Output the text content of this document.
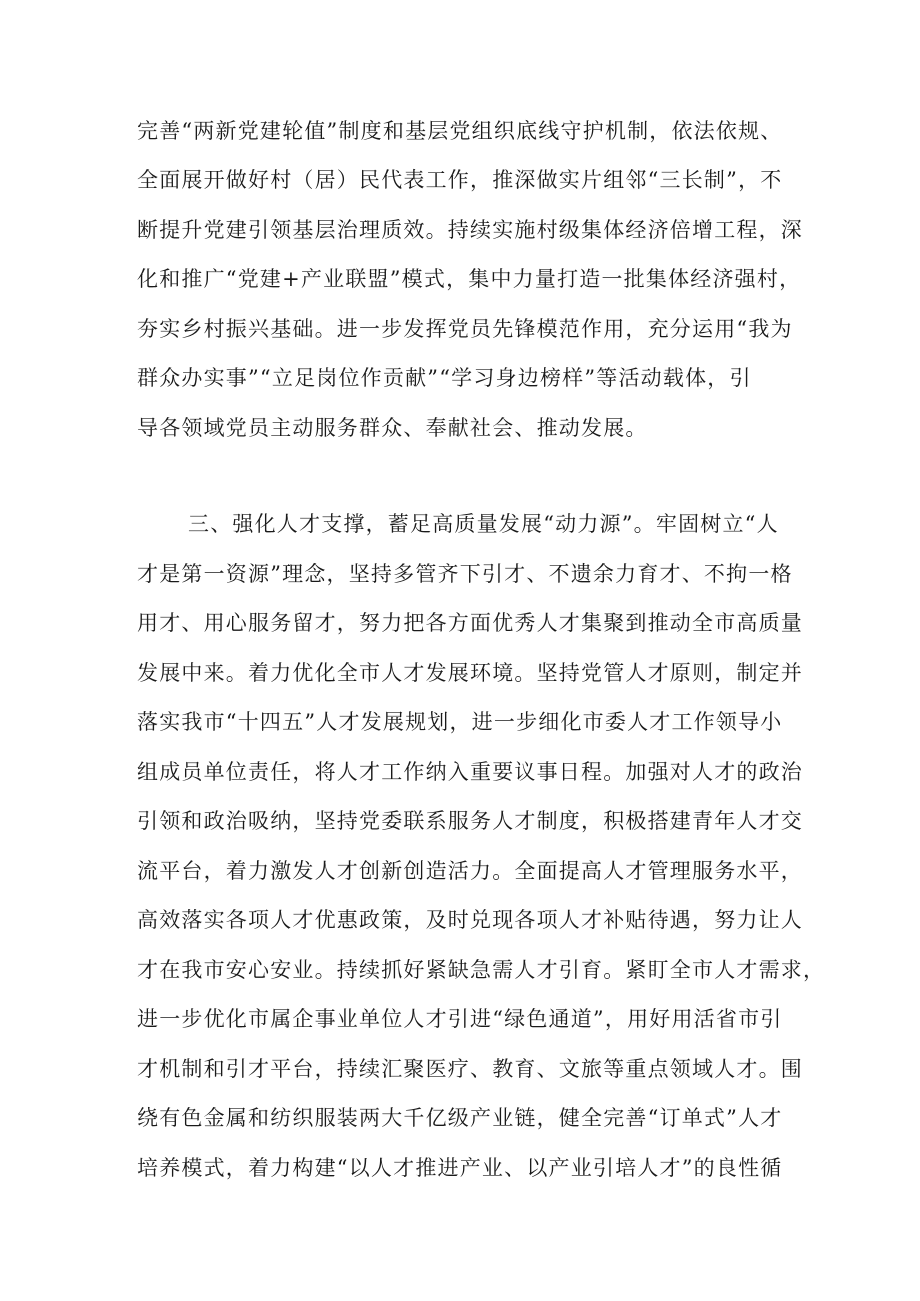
完善“两新党建轮值”制度和基层党组织底线守护机制，依法依规、
全面展开做好村（居）民代表工作，推深做实片组邻“三长制”，不
断提升党建引领基层治理质效。持续实施村级集体经济倍增工程，深
化和推广“党建+产业联盟”模式，集中力量打造一批集体经济强村，
夯实乡村振兴基础。进一步发挥党员先锋模范作用，充分运用“我为
群众办实事”“立足岗位作贡献”“学习身边榜样”等活动载体，引
导各领域党员主动服务群众、奉献社会、推动发展。
三、强化人才支撑，蓄足高质量发展“动力源”。牢固树立“人
才是第一资源”理念，坚持多管齐下引才、不遗余力育才、不拘一格
用才、用心服务留才，努力把各方面优秀人才集聚到推动全市高质量
发展中来。着力优化全市人才发展环境。坚持党管人才原则，制定并
落实我市“十四五”人才发展规划，进一步细化市委人才工作领导小
组成员单位责任，将人才工作纳入重要议事日程。加强对人才的政治
引领和政治吸纳，坚持党委联系服务人才制度，积极搭建青年人才交
流平台，着力激发人才创新创造活力。全面提高人才管理服务水平，
高效落实各项人才优惠政策，及时兑现各项人才补贴待遇，努力让人
才在我市安心安业。持续抓好紧缺急需人才引育。紧盯全市人才需求，
进一步优化市属企事业单位人才引进“绿色通道”，用好用活省市引
才机制和引才平台，持续汇聚医疗、教育、文旅等重点领域人才。围
绕有色金属和纺织服装两大千亿级产业链，健全完善“订单式”人才
培养模式，着力构建“以人才推进产业、以产业引培人才”的良性循
